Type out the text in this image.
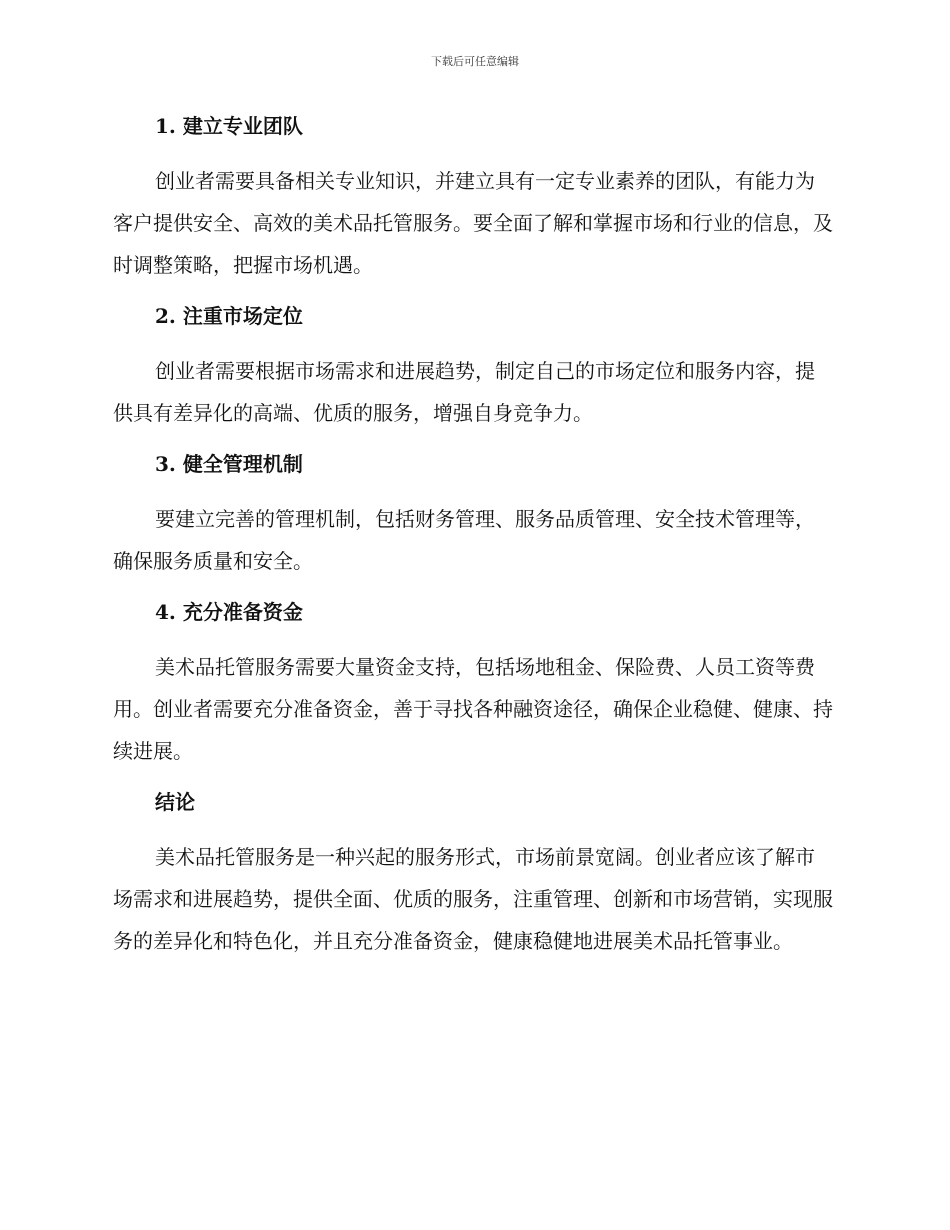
下载后可任意编辑
1. 建立专业团队

创业者需要具备相关专业知识，并建立具有一定专业素养的团队，有能力为客户提供安全、高效的美术品托管服务。要全面了解和掌握市场和行业的信息，及时调整策略，把握市场机遇。

2. 注重市场定位

创业者需要根据市场需求和进展趋势，制定自己的市场定位和服务内容，提供具有差异化的高端、优质的服务，增强自身竞争力。

3. 健全管理机制

要建立完善的管理机制，包括财务管理、服务品质管理、安全技术管理等，确保服务质量和安全。

4. 充分准备资金

美术品托管服务需要大量资金支持，包括场地租金、保险费、人员工资等费用。创业者需要充分准备资金，善于寻找各种融资途径，确保企业稳健、健康、持续进展。

结论

美术品托管服务是一种兴起的服务形式，市场前景宽阔。创业者应该了解市场需求和进展趋势，提供全面、优质的服务，注重管理、创新和市场营销，实现服务的差异化和特色化，并且充分准备资金，健康稳健地进展美术品托管事业。
